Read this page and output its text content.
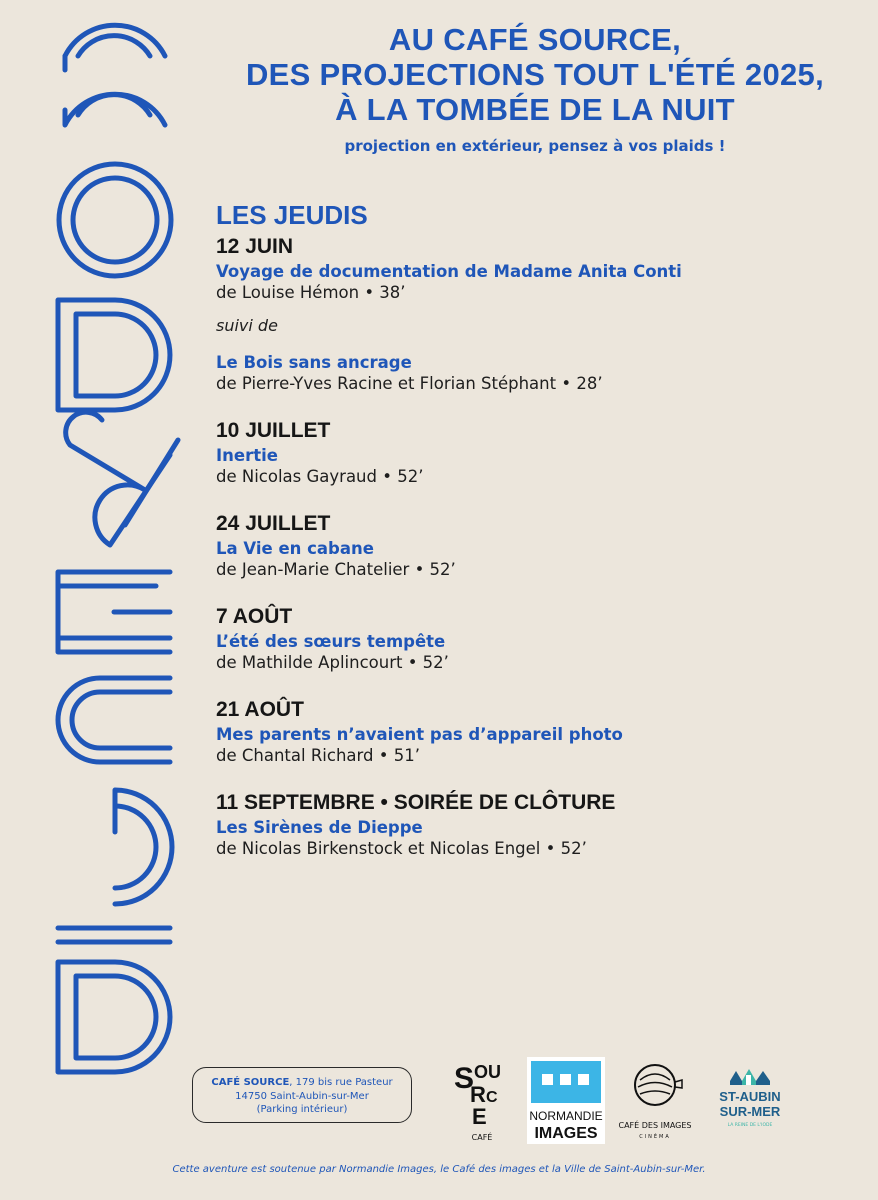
AU CAFÉ SOURCE,
DES PROJECTIONS TOUT L'ÉTÉ 2025,
À LA TOMBÉE DE LA NUIT
projection en extérieur, pensez à vos plaids !
LES JEUDIS
12 JUIN
Voyage de documentation de Madame Anita Conti
de Louise Hémon • 38’
suivi de
Le Bois sans ancrage
de Pierre-Yves Racine et Florian Stéphant • 28’
10 JUILLET
Inertie
de Nicolas Gayraud • 52’
24 JUILLET
La Vie en cabane
de Jean-Marie Chatelier • 52’
7 AOÛT
L’été des sœurs tempête
de Mathilde Aplincourt • 52’
21 AOÛT
Mes parents n’avaient pas d’appareil photo
de Chantal Richard • 51’
11 SEPTEMBRE • SOIRÉE DE CLÔTURE
Les Sirènes de Dieppe
de Nicolas Birkenstock et Nicolas Engel • 52’
CAFÉ SOURCE, 179 bis rue Pasteur
14750 Saint-Aubin-sur-Mer
(Parking intérieur)
S OU
R C
E
CAFÉ
NORMANDIE
IMAGES	CAFÉ DES IMAGES
CINÉMA
ST-AUBIN
SUR-MER
LA REINE DE L'IODE
Cette aventure est soutenue par Normandie Images, le Café des images et la Ville de Saint-Aubin-sur-Mer.
